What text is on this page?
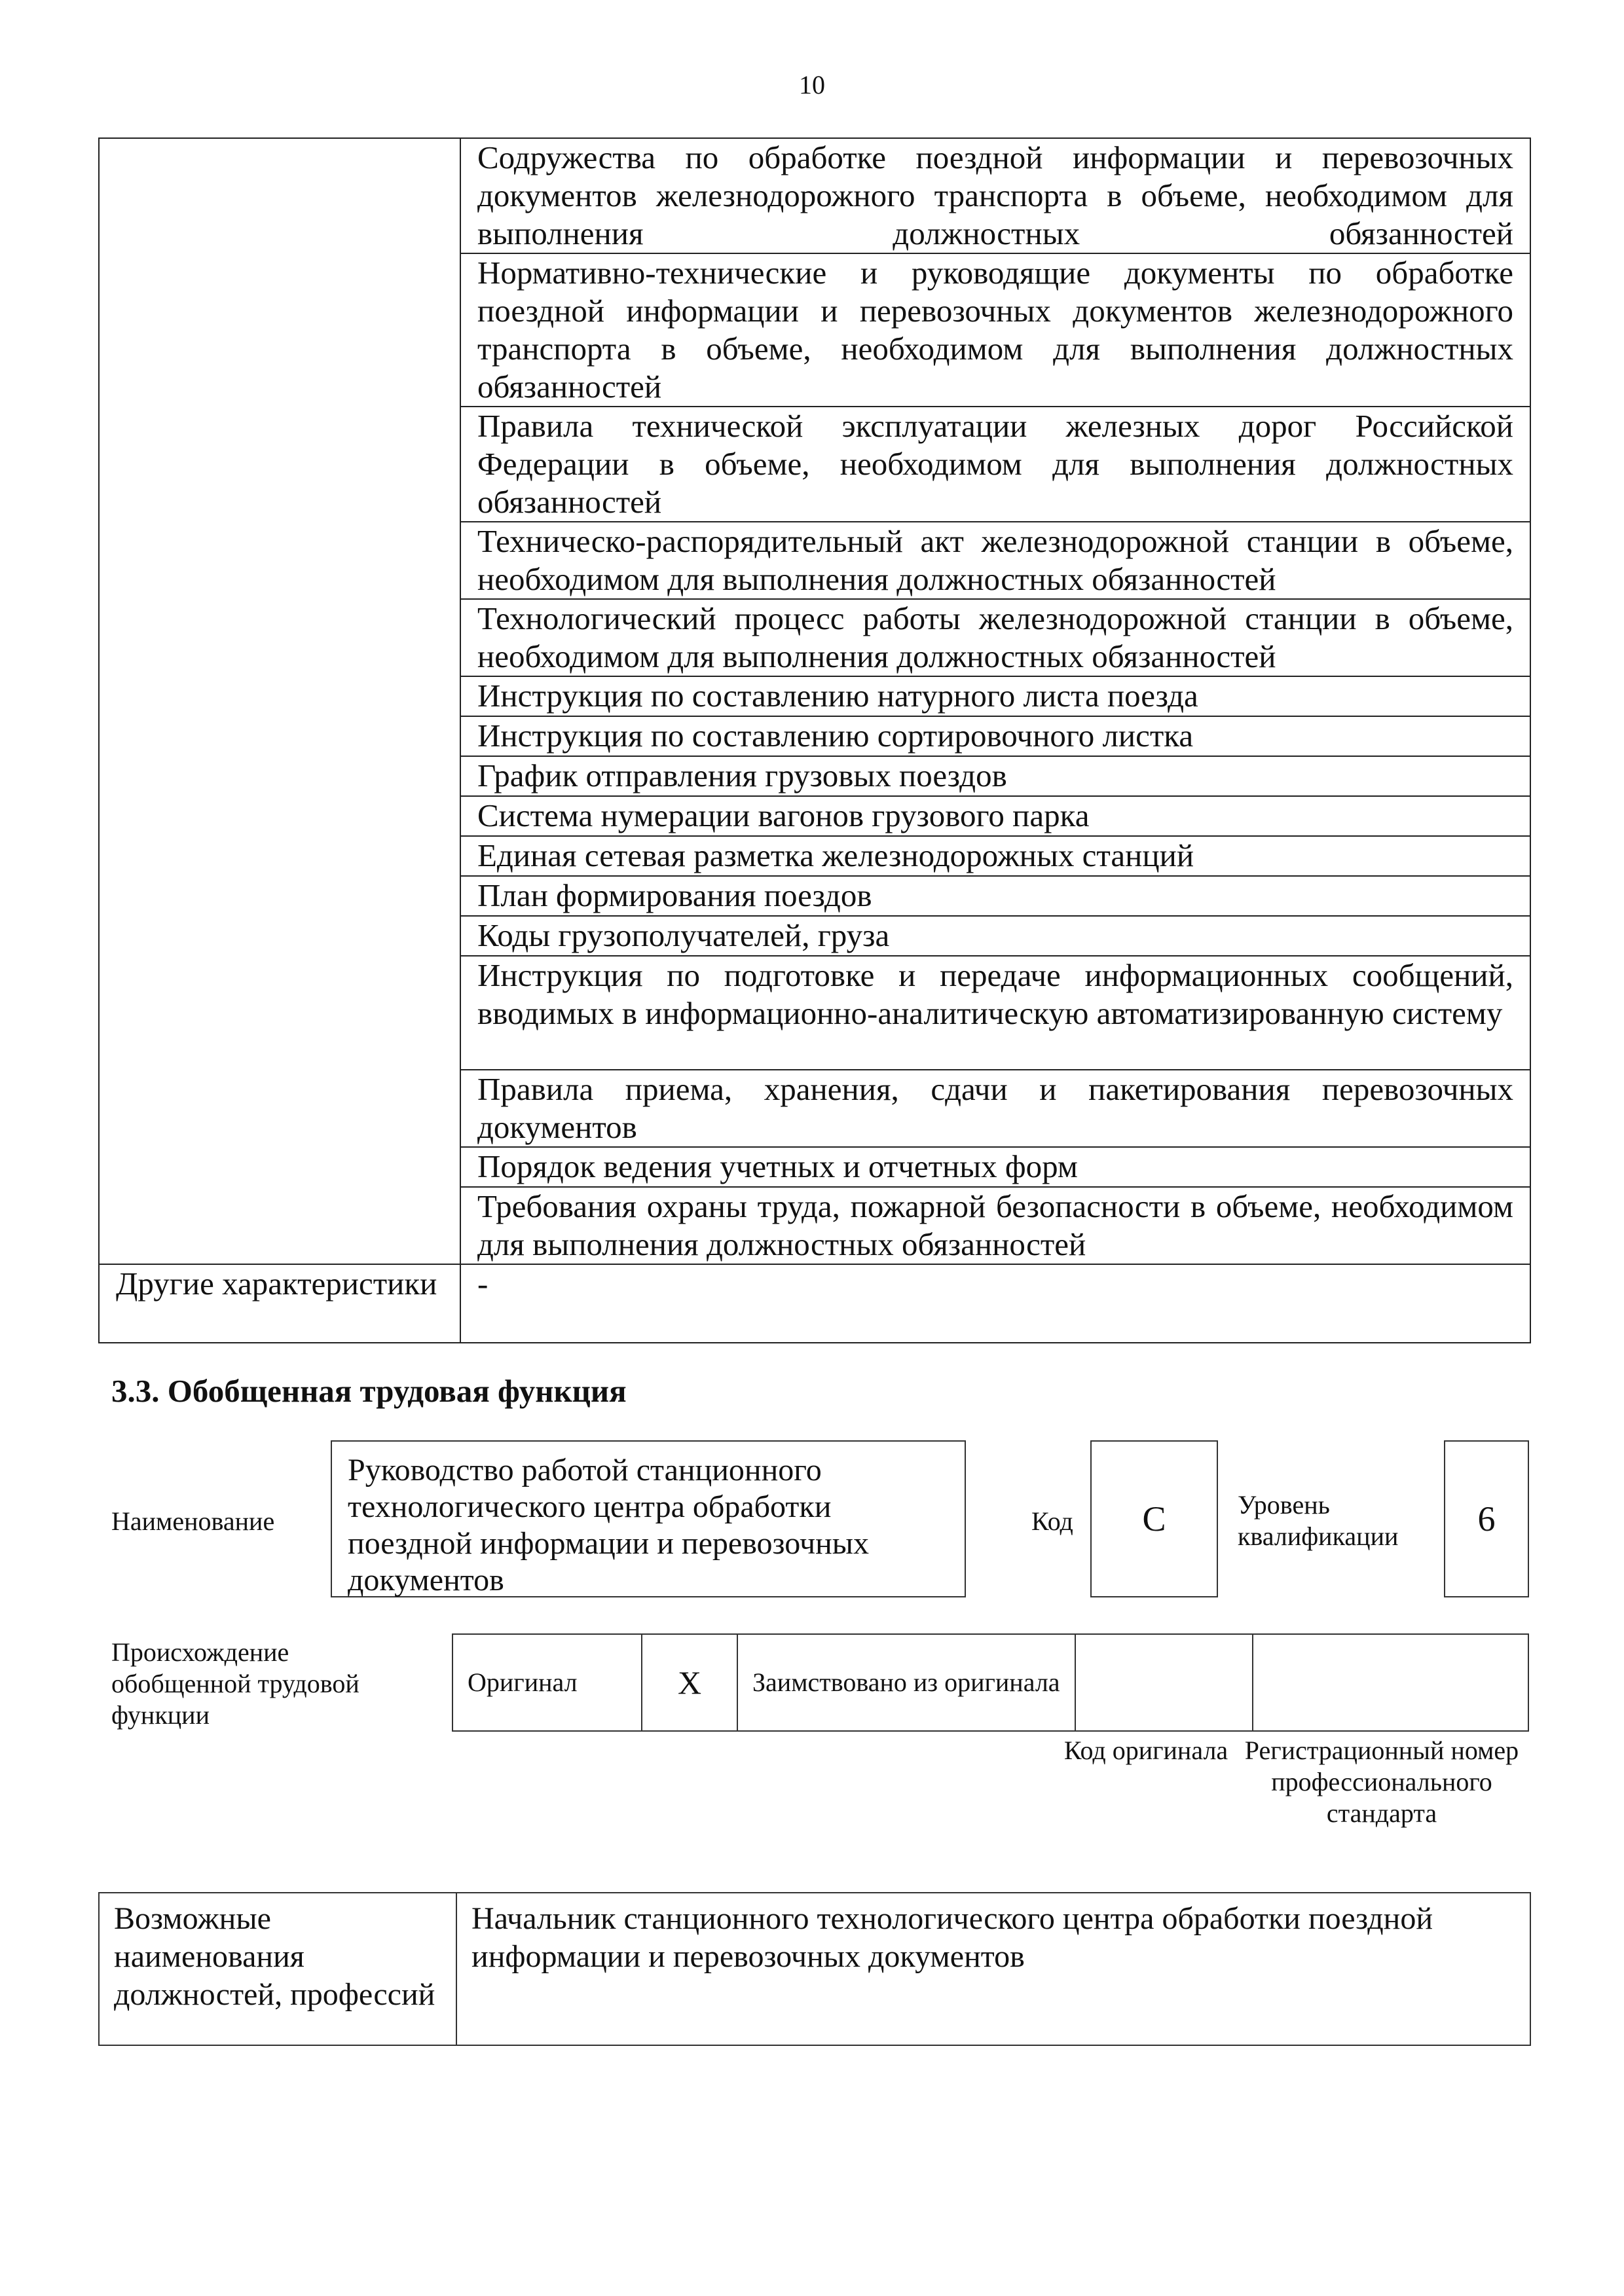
10
	Содружества по обработке поездной информации и перевозочных документов железнодорожного транспорта в объеме, необходимом для выполнения должностных обязанностей
	Нормативно-технические и руководящие документы по обработке поездной информации и перевозочных документов железнодорожного транспорта в объеме, необходимом для выполнения должностных обязанностей
	Правила технической эксплуатации железных дорог Российской Федерации в объеме, необходимом для выполнения должностных обязанностей
	Техническо-распорядительный акт железнодорожной станции в объеме, необходимом для выполнения должностных обязанностей
	Технологический процесс работы железнодорожной станции в объеме, необходимом для выполнения должностных обязанностей
	Инструкция по составлению натурного листа поезда
	Инструкция по составлению сортировочного листка
	График отправления грузовых поездов
	Система нумерации вагонов грузового парка
	Единая сетевая разметка железнодорожных станций
	План формирования поездов
	Коды грузополучателей, груза
	Инструкция по подготовке и передаче информационных сообщений, вводимых в информационно-аналитическую автоматизированную систему
	Правила приема, хранения, сдачи и пакетирования перевозочных документов
	Порядок ведения учетных и отчетных форм
	Требования охраны труда, пожарной безопасности в объеме, необходимом для выполнения должностных обязанностей
Другие характеристики	-
3.3. Обобщенная трудовая функция
Наименование
Руководство работой станционного технологического центра обработки поездной информации и перевозочных документов
Код	C	Уровень квалификации	6
Происхождение обобщенной трудовой функции
Оригинал	X	Заимствовано из оригинала		
Код оригинала Регистрационный номер профессионального стандарта
Возможные наименования должностей, профессий	Начальник станционного технологического центра обработки поездной информации и перевозочных документов
